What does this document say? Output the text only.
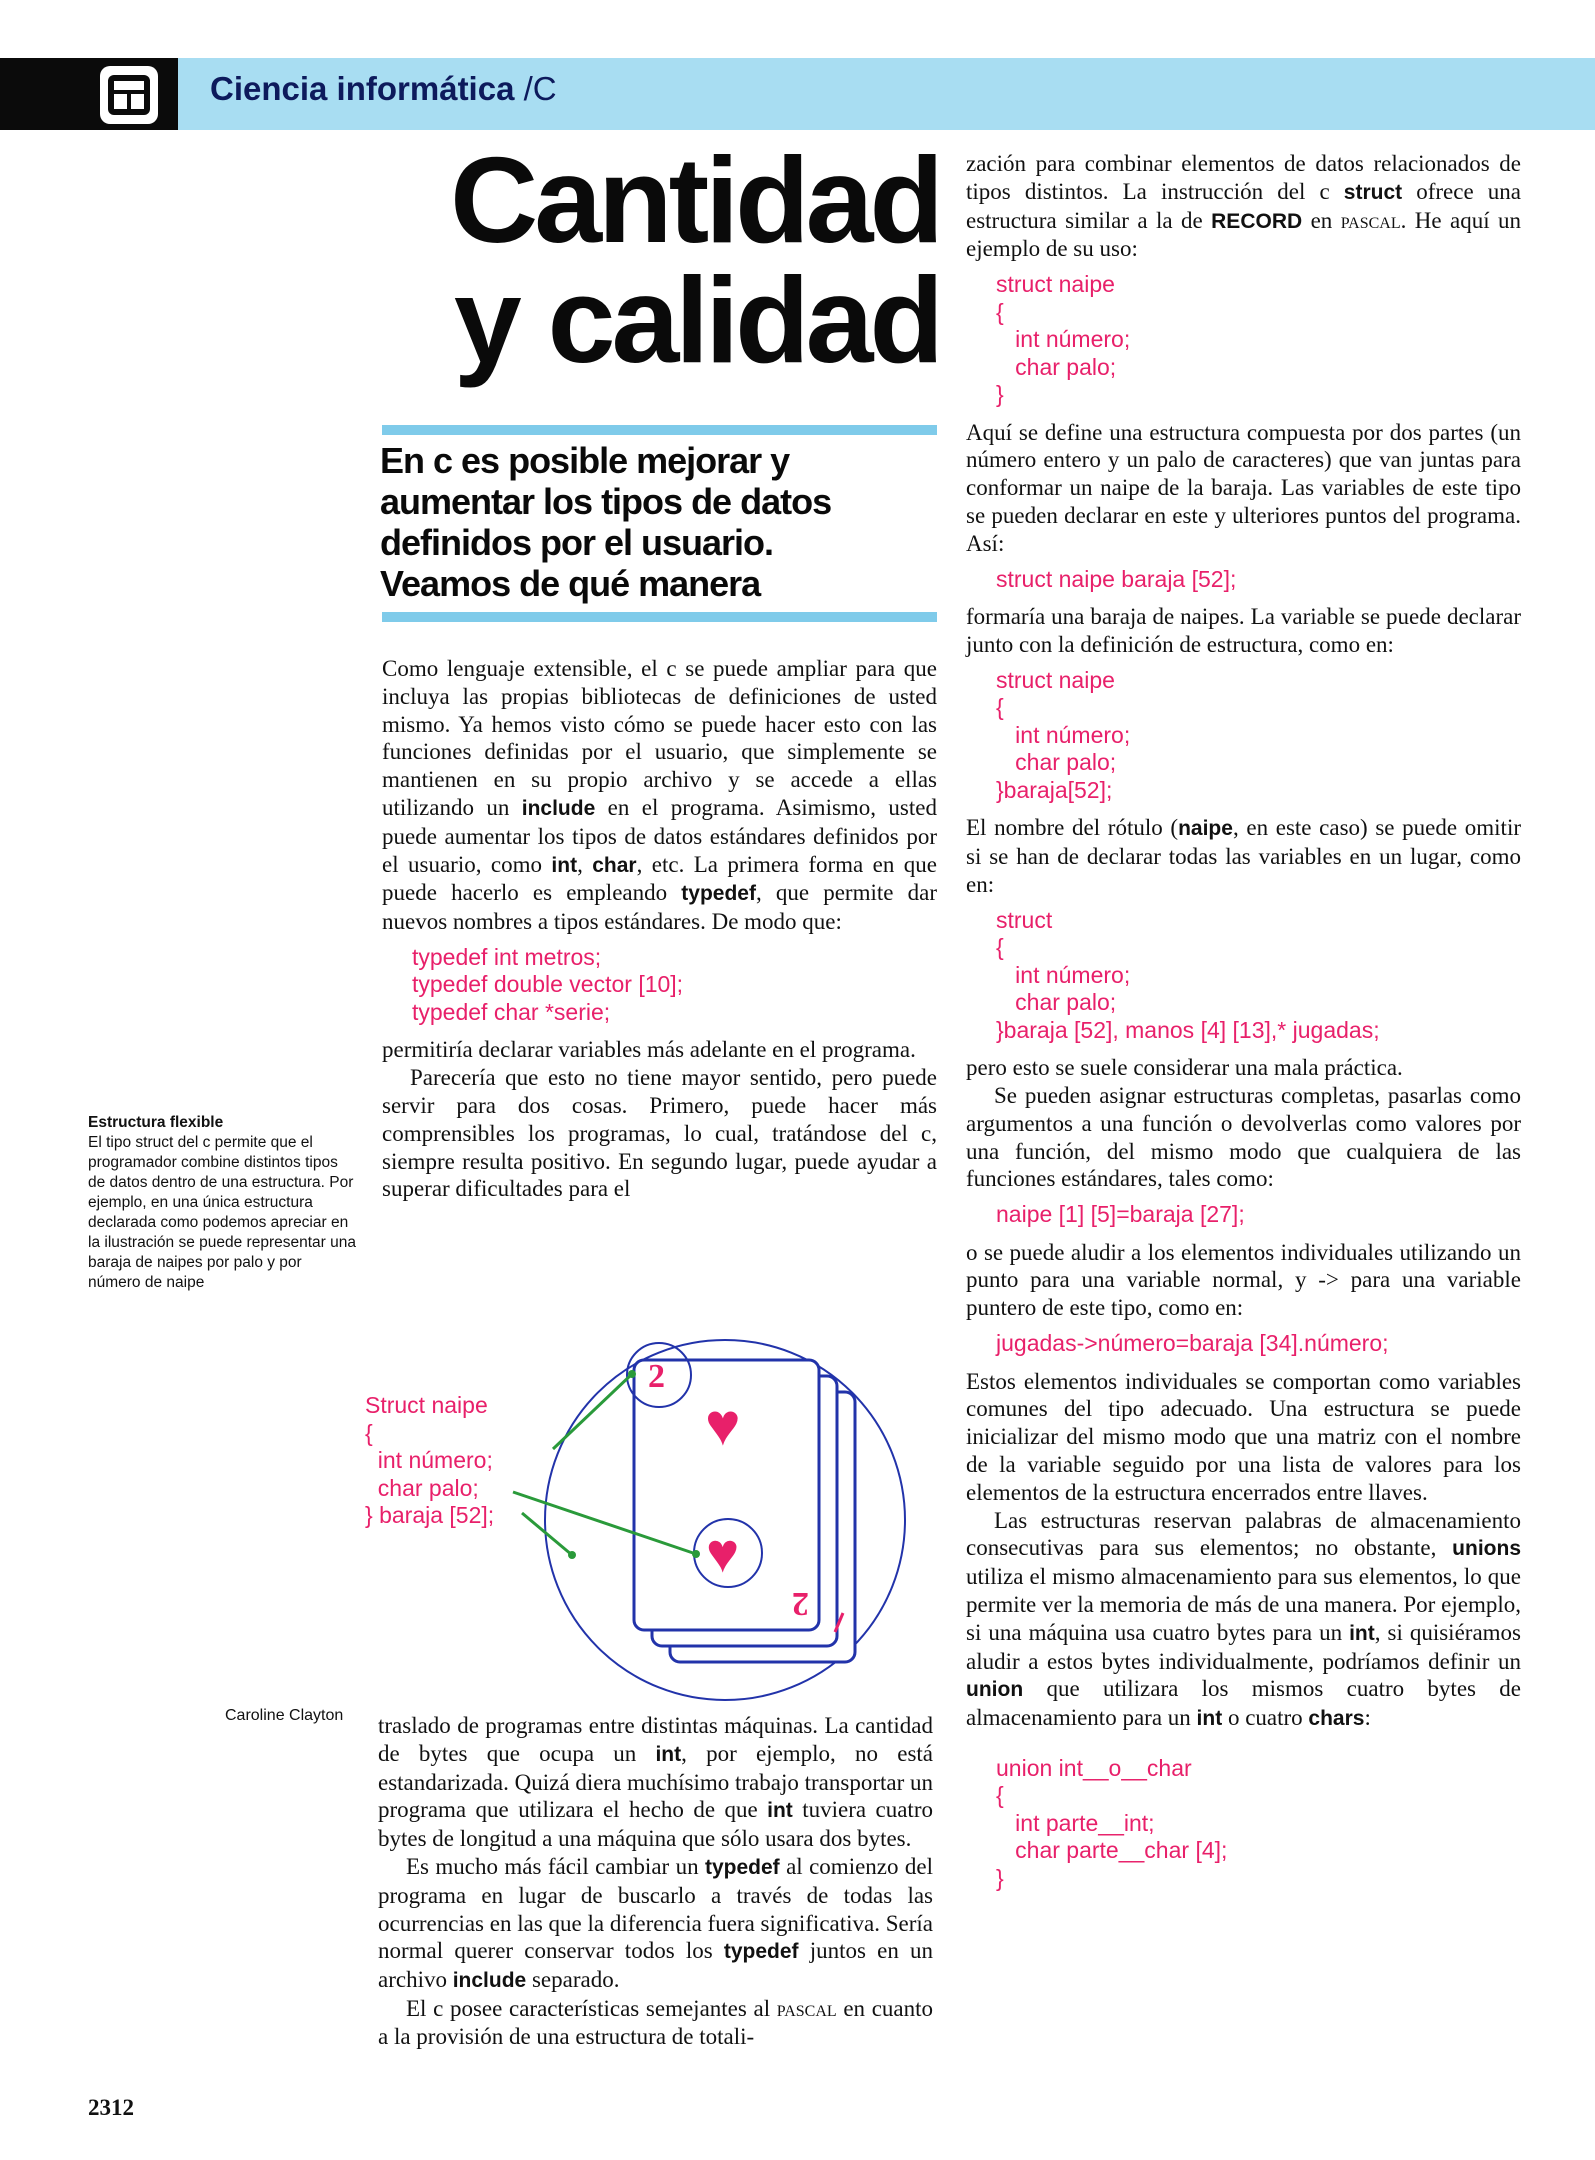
Ciencia informática /C
Cantidad
y calidad
En c es posible mejorar y aumentar los tipos de datos definidos por el usuario. Veamos de qué manera

Como lenguaje extensible, el c se puede ampliar para que incluya las propias bibliotecas de definiciones de usted mismo. Ya hemos visto cómo se puede hacer esto con las funciones definidas por el usuario, que simplemente se mantienen en su propio archivo y se accede a ellas utilizando un include en el programa. Asimismo, usted puede aumentar los tipos de datos estándares definidos por el usuario, como int, char, etc. La primera forma en que puede hacerlo es empleando typedef, que permite dar nuevos nombres a tipos estándares. De modo que:

typedef int metros;
typedef double vector [10];
typedef char *serie;

permitiría declarar variables más adelante en el programa.

Parecería que esto no tiene mayor sentido, pero puede servir para dos cosas. Primero, puede hacer más comprensibles los programas, lo cual, tratándose del c, siempre resulta positivo. En segundo lugar, puede ayudar a superar dificultades para el

Estructura flexible
El tipo struct del c permite que el programador combine distintos tipos de datos dentro de una estructura. Por ejemplo, en una única estructura declarada como podemos apreciar en la ilustración se puede representar una baraja de naipes por palo y por número de naipe
Struct naipe
{
int número;
char palo;
} baraja [52];
2
♥
♥
2
Caroline Clayton traslado de programas entre distintas máquinas. La cantidad de bytes que ocupa un int, por ejemplo, no está estandarizada. Quizá diera muchísimo trabajo transportar un programa que utilizara el hecho de que int tuviera cuatro bytes de longitud a una máquina que sólo usara dos bytes.

Es mucho más fácil cambiar un typedef al comienzo del programa en lugar de buscarlo a través de todas las ocurrencias en las que la diferencia fuera significativa. Sería normal querer conservar todos los typedef juntos en un archivo include separado.

El c posee características semejantes al pascal en cuanto a la provisión de una estructura de totali-

zación para combinar elementos de datos relacionados de tipos distintos. La instrucción del c struct ofrece una estructura similar a la de RECORD en pascal. He aquí un ejemplo de su uso:

struct naipe
{
int número;
char palo;
}

Aquí se define una estructura compuesta por dos partes (un número entero y un palo de caracteres) que van juntas para conformar un naipe de la baraja. Las variables de este tipo se pueden declarar en este y ulteriores puntos del programa. Así:

struct naipe baraja [52];

formaría una baraja de naipes. La variable se puede declarar junto con la definición de estructura, como en:

struct naipe
{
int número;
char palo;
}baraja[52];

El nombre del rótulo (naipe, en este caso) se puede omitir si se han de declarar todas las variables en un lugar, como en:

struct
{
int número;
char palo;
}baraja [52], manos [4] [13],* jugadas;

pero esto se suele considerar una mala práctica.

Se pueden asignar estructuras completas, pasarlas como argumentos a una función o devolverlas como valores por una función, del mismo modo que cualquiera de las funciones estándares, tales como:

naipe [1] [5]=baraja [27];

o se puede aludir a los elementos individuales utilizando un punto para una variable normal, y -> para una variable puntero de este tipo, como en:

jugadas->número=baraja [34].número;

Estos elementos individuales se comportan como variables comunes del tipo adecuado. Una estructura se puede inicializar del mismo modo que una matriz con el nombre de la variable seguido por una lista de valores para los elementos de la estructura encerrados entre llaves.

Las estructuras reservan palabras de almacenamiento consecutivas para sus elementos; no obstante, unions utiliza el mismo almacenamiento para sus elementos, lo que permite ver la memoria de más de una manera. Por ejemplo, si una máquina usa cuatro bytes para un int, si quisiéramos aludir a estos bytes individualmente, podríamos definir un union que utilizara los mismos cuatro bytes de almacenamiento para un int o cuatro chars:

union int__o__char
{
int parte__int;
char parte__char [4];
}
2312
